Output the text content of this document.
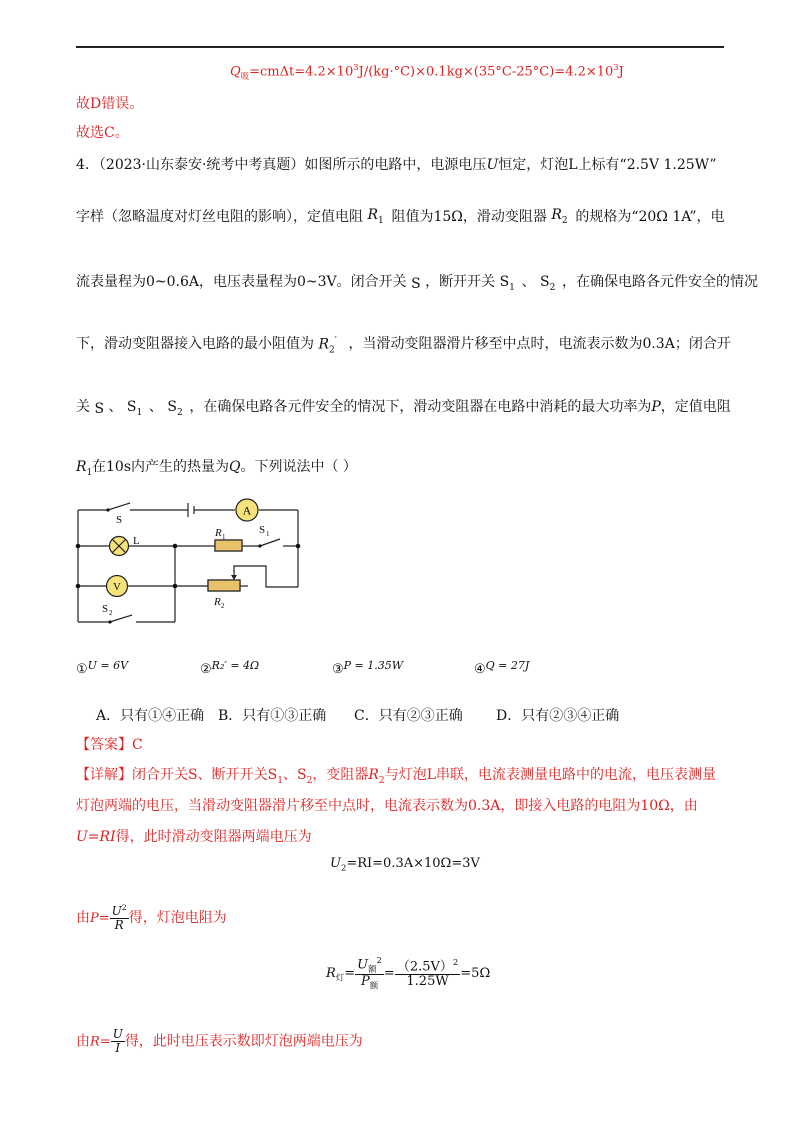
$Q_吸=cm\Delta t=4.2\times 10^3J/(kg\cdot^\circ C)\times 0.1kg\times(35^\circ C-25^\circ C)=4.2\times 10^3J$
故D错误。
故选C。
4．（2023·山东泰安·统考中考真题）如图所示的电路中，电源电压U恒定，灯泡L上标有“2.5V 1.25W”
字样（忽略温度对灯丝电阻的影响），定值电阻 $R_1$ 阻值为15Ω，滑动变阻器 $R_2$ 的规格为“20Ω 1A”，电
流表量程为0~0.6A，电压表量程为0~3V。闭合开关 S ，断开开关 $S_1$ 、 $S_2$ ，在确保电路各元件安全的情况
下，滑动变阻器接入电路的最小阻值为 $R_2'$ ，当滑动变阻器滑片移至中点时，电流表示数为0.3A；闭合开
关 S 、 $S_1$ 、 $S_2$ ，在确保电路各元件安全的情况下，滑动变阻器在电路中消耗的最大功率为P，定值电阻
$R_1$ 在10s内产生的热量为Q。下列说法中（ ）
A
V
S
L
R 1
S 1
R 2
S 2
①$^{U = 6V}$	②$^{R_2' = 4\Omega}$	③$^{P = 1.35W}$	④$^{Q = 27J}$
A．只有①④正确 B．只有①③正确 C．只有②③正确 D．只有②③④正确
【答案】C
【详解】闭合开关S、断开开关$S_1$、$S_2$，变阻器$R_2$与灯泡L串联，电流表测量电路中的电流，电压表测量
灯泡两端的电压，当滑动变阻器滑片移至中点时，电流表示数为0.3A，即接入电路的电阻为10Ω，由
U=RI得，此时滑动变阻器两端电压为
$U_2=RI=0.3A\times 10\Omega=3V$
由$P= \frac{U^2}{R}$ 得，灯泡电阻为
$R_灯= \frac{U_额^2}{P_额} = \frac{(2.5V)^2}{1.25W} =5\Omega$
由$R= \frac{U}{I}$ 得，此时电压表示数即灯泡两端电压为
